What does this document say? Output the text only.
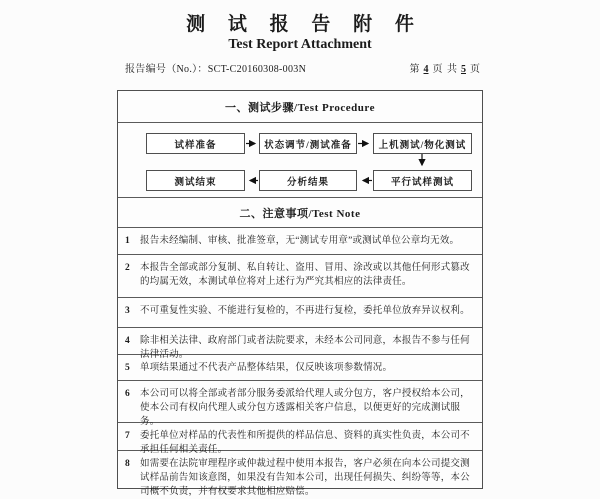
测 试 报 告 附 件
Test Report Attachment
报告编号（No.）：SCT-C20160308-003N	第 4 页 共 5 页
一、测试步骤/Test Procedure
试样准备	状态调节/测试准备	上机测试/物化测试
测试结束	分析结果	平行试样测试
二、注意事项/Test Note
1	报告未经编制、审核、批准签章，无“测试专用章”或测试单位公章均无效。
2	本报告全部或部分复制、私自转让、盗用、冒用、涂改或以其他任何形式篡改的均属无效，本测试单位将对上述行为严究其相应的法律责任。
3	不可重复性实验、不能进行复检的，不再进行复检，委托单位放弃异议权利。
4	除非相关法律、政府部门或者法院要求，未经本公司同意，本报告不参与任何法律活动。
5	单项结果通过不代表产品整体结果，仅反映该项参数情况。
6	本公司可以将全部或者部分服务委派给代理人或分包方，客户授权给本公司，使本公司有权向代理人或分包方透露相关客户信息，以便更好的完成测试服务。
7	委托单位对样品的代表性和所提供的样品信息、资料的真实性负责，本公司不承担任何相关责任。
8	如需要在法院审理程序或仲裁过程中使用本报告，客户必须在向本公司提交测试样品前告知该意图，如果没有告知本公司，出现任何损失、纠纷等等，本公司概不负责，并有权要求其他相应赔偿。
